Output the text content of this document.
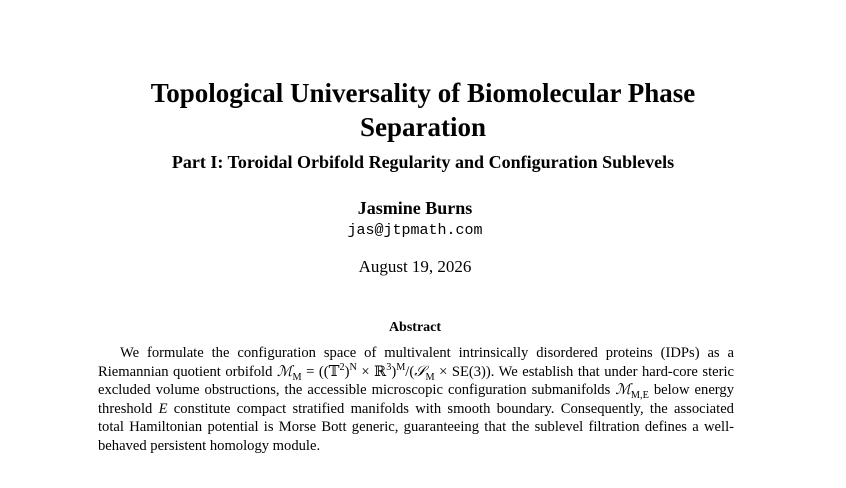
Topological Universality of Biomolecular Phase
Separation
Part I: Toroidal Orbifold Regularity and Configuration Sublevels
Jasmine Burns
jas@jtpmath.com
August 19, 2026
Abstract
We formulate the configuration space of multivalent intrinsically disordered proteins (IDPs) as a Riemannian quotient orbifold ℳ$_M$ = ((𝕋$^2$)$^N$ × ℝ$^3$)$^M$/(𝒮$_M$ × SE(3)). We establish that under hard-core steric excluded volume obstructions, the accessible microscopic configuration submanifolds ℳ$_{M,E}$ below energy threshold E constitute compact stratified manifolds with smooth boundary. Consequently, the associated total Hamiltonian potential is Morse Bott generic, guaranteeing that the sublevel filtration defines a well-behaved persistent homology module.
